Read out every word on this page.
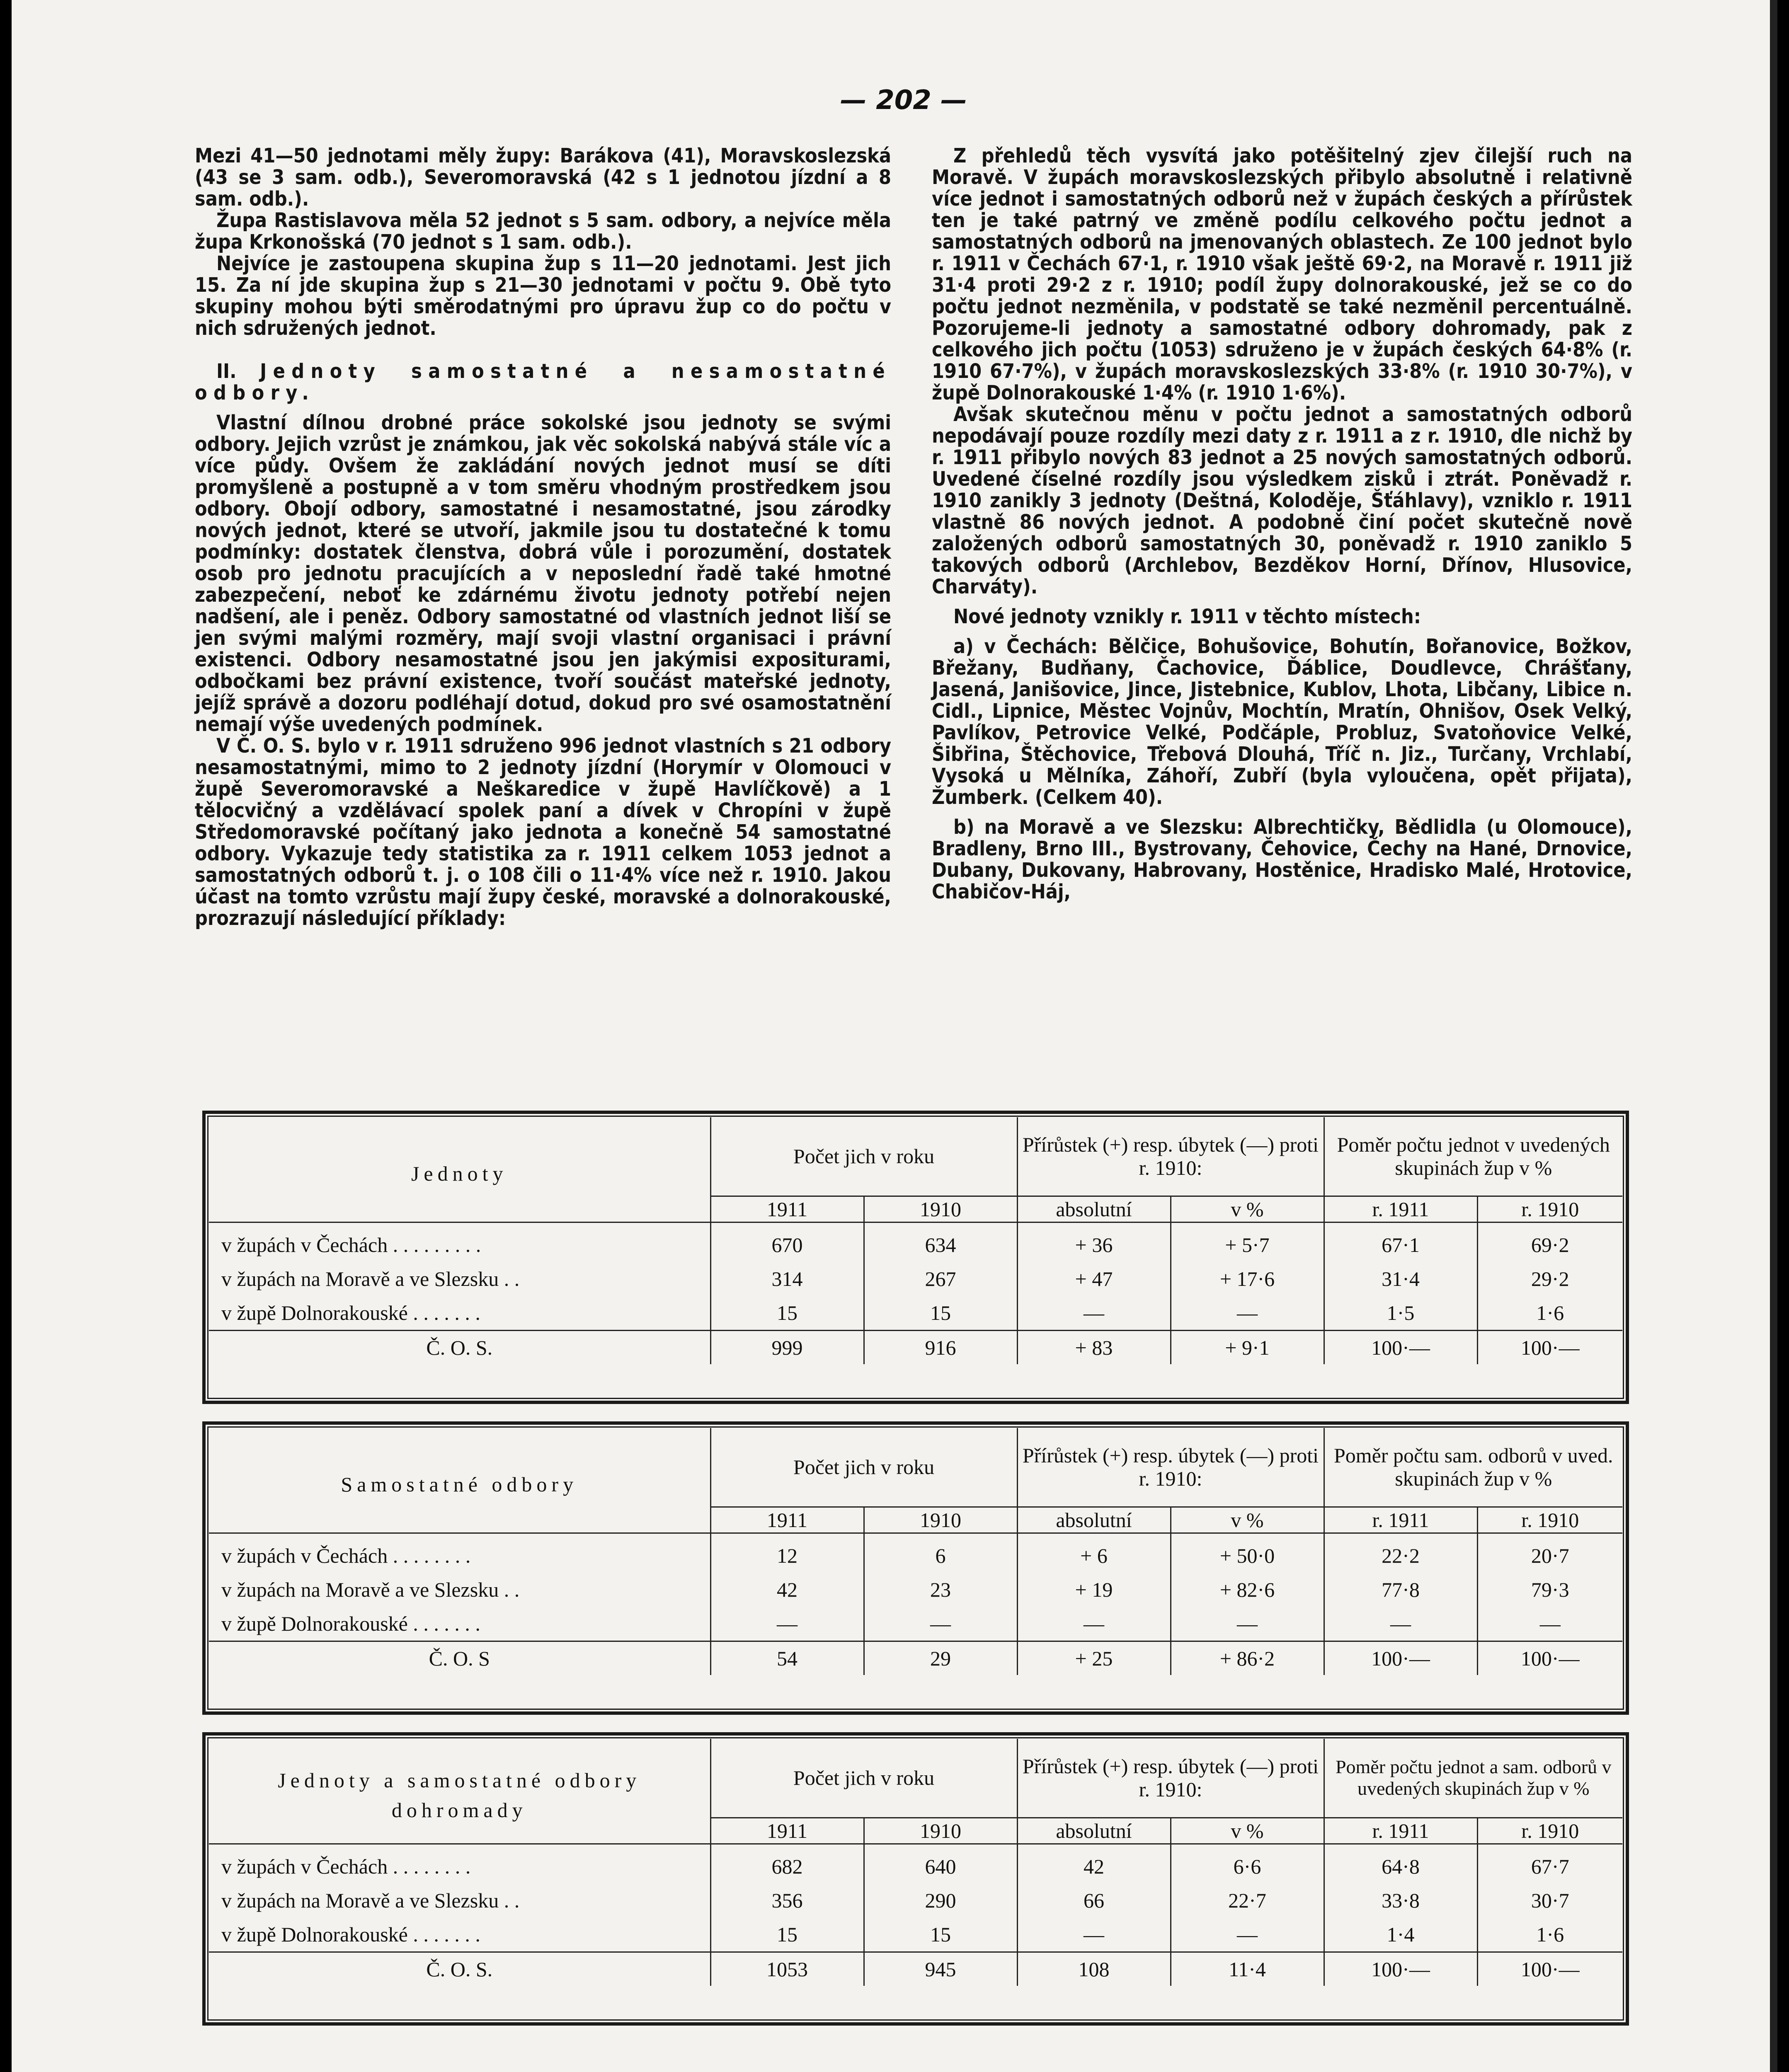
— 202 —

Mezi 41—50 jednotami měly župy: Barákova (41), Moravskoslezská (43 se 3 sam. odb.), Severomoravská (42 s 1 jednotou jízdní a 8 sam. odb.).

Župa Rastislavova měla 52 jednot s 5 sam. odbory, a nejvíce měla župa Krkonošská (70 jednot s 1 sam. odb.).

Nejvíce je zastoupena skupina žup s 11—20 jednotami. Jest jich 15. Za ní jde skupina žup s 21—30 jednotami v počtu 9. Obě tyto skupiny mohou býti směrodatnými pro úpravu žup co do počtu v nich sdružených jednot.

II. Jednoty samostatné a nesamostatné odbory.

Vlastní dílnou drobné práce sokolské jsou jednoty se svými odbory. Jejich vzrůst je známkou, jak věc sokolská nabývá stále víc a více půdy. Ovšem že zakládání nových jednot musí se díti promyšleně a postupně a v tom směru vhodným prostředkem jsou odbory. Obojí odbory, samostatné i nesamostatné, jsou zárodky nových jednot, které se utvoří, jakmile jsou tu dostatečné k tomu podmínky: dostatek členstva, dobrá vůle i porozumění, dostatek osob pro jednotu pracujících a v neposlední řadě také hmotné zabezpečení, neboť ke zdárnému životu jednoty potřebí nejen nadšení, ale i peněz. Odbory samostatné od vlastních jednot liší se jen svými malými rozměry, mají svoji vlastní organisaci i právní existenci. Odbory nesamostatné jsou jen jakýmisi expositurami, odbočkami bez právní existence, tvoří součást mateřské jednoty, jejíž správě a dozoru podléhají dotud, dokud pro své osamostatnění nemají výše uvedených podmínek.

V Č. O. S. bylo v r. 1911 sdruženo 996 jednot vlastních s 21 odbory nesamostatnými, mimo to 2 jednoty jízdní (Horymír v Olomouci v župě Severomoravské a Neškaredice v župě Havlíčkově) a 1 tělocvičný a vzdělávací spolek paní a dívek v Chropíni v župě Středomoravské počítaný jako jednota a konečně 54 samostatné odbory. Vykazuje tedy statistika za r. 1911 celkem 1053 jednot a samostatných odborů t. j. o 108 čili o 11·4% více než r. 1910. Jakou účast na tomto vzrůstu mají župy české, moravské a dolnorakouské, prozrazují následující příklady:

Z přehledů těch vysvítá jako potěšitelný zjev čilejší ruch na Moravě. V župách moravskoslezských přibylo absolutně i relativně více jednot i samostatných odborů než v župách českých a přírůstek ten je také patrný ve změně podílu celkového počtu jednot a samostatných odborů na jmenovaných oblastech. Ze 100 jednot bylo r. 1911 v Čechách 67·1, r. 1910 však ještě 69·2, na Moravě r. 1911 již 31·4 proti 29·2 z r. 1910; podíl župy dolnorakouské, jež se co do počtu jednot nezměnila, v podstatě se také nezměnil percentuálně. Pozorujeme-li jednoty a samostatné odbory dohromady, pak z celkového jich počtu (1053) sdruženo je v župách českých 64·8% (r. 1910 67·7%), v župách moravskoslezských 33·8% (r. 1910 30·7%), v župě Dolnorakouské 1·4% (r. 1910 1·6%).

Avšak skutečnou měnu v počtu jednot a samostatných odborů nepodávají pouze rozdíly mezi daty z r. 1911 a z r. 1910, dle nichž by r. 1911 přibylo nových 83 jednot a 25 nových samostatných odborů. Uvedené číselné rozdíly jsou výsledkem zisků i ztrát. Poněvadž r. 1910 zanikly 3 jednoty (Deštná, Koloděje, Šťáhlavy), vzniklo r. 1911 vlastně 86 nových jednot. A podobně činí počet skutečně nově založených odborů samostatných 30, poněvadž r. 1910 zaniklo 5 takových odborů (Archlebov, Bezděkov Horní, Dřínov, Hlusovice, Charváty).

Nové jednoty vznikly r. 1911 v těchto místech:

a) v Čechách: Bělčice, Bohušovice, Bohutín, Bořanovice, Božkov, Břežany, Budňany, Čachovice, Ďáblice, Doudlevce, Chrášťany, Jasená, Janišovice, Jince, Jistebnice, Kublov, Lhota, Libčany, Libice n. Cidl., Lipnice, Městec Vojnův, Mochtín, Mratín, Ohnišov, Osek Velký, Pavlíkov, Petrovice Velké, Podčáple, Probluz, Svatoňovice Velké, Šibřina, Štěchovice, Třebová Dlouhá, Tříč n. Jiz., Turčany, Vrchlabí, Vysoká u Mělníka, Záhoří, Zubří (byla vyloučena, opět přijata), Žumberk. (Celkem 40).

b) na Moravě a ve Slezsku: Albrechtičky, Bědlidla (u Olomouce), Bradleny, Brno III., Bystrovany, Čehovice, Čechy na Hané, Drnovice, Dubany, Dukovany, Habrovany, Hostěnice, Hradisko Malé, Hrotovice, Chabičov-Háj,

Jednoty	Počet jich v roku		Přírůstek (+) resp. úbytek (—) proti r. 1910:		Poměr počtu jednot v uvedených skupinách žup v %	
	1911	1910	absolutní	v %	r. 1911	r. 1910
v župách v Čechách . . . . . . . . .	670	634	+ 36	+ 5·7	67·1	69·2
v župách na Moravě a ve Slezsku . .	314	267	+ 47	+ 17·6	31·4	29·2
v župě Dolnorakouské . . . . . . .	15	15	—	—	1·5	1·6
Č. O. S.	999	916	+ 83	+ 9·1	100·—	100·—
Samostatné odbory	Počet jich v roku		Přírůstek (+) resp. úbytek (—) proti r. 1910:		Poměr počtu sam. odborů v uved. skupinách žup v %	
	1911	1910	absolutní	v %	r. 1911	r. 1910
v župách v Čechách . . . . . . . .	12	6	+ 6	+ 50·0	22·2	20·7
v župách na Moravě a ve Slezsku . .	42	23	+ 19	+ 82·6	77·8	79·3
v župě Dolnorakouské . . . . . . .	—	—	—	—	—	—
Č. O. S	54	29	+ 25	+ 86·2	100·—	100·—
Jednoty a samostatné odbory dohromady	Počet jich v roku		Přírůstek (+) resp. úbytek (—) proti r. 1910:		Poměr počtu jednot a sam. odborů v uvedených skupinách žup v %	
	1911	1910	absolutní	v %	r. 1911	r. 1910
v župách v Čechách . . . . . . . .	682	640	42	6·6	64·8	67·7
v župách na Moravě a ve Slezsku . .	356	290	66	22·7	33·8	30·7
v župě Dolnorakouské . . . . . . .	15	15	—	—	1·4	1·6
Č. O. S.	1053	945	108	11·4	100·—	100·—
